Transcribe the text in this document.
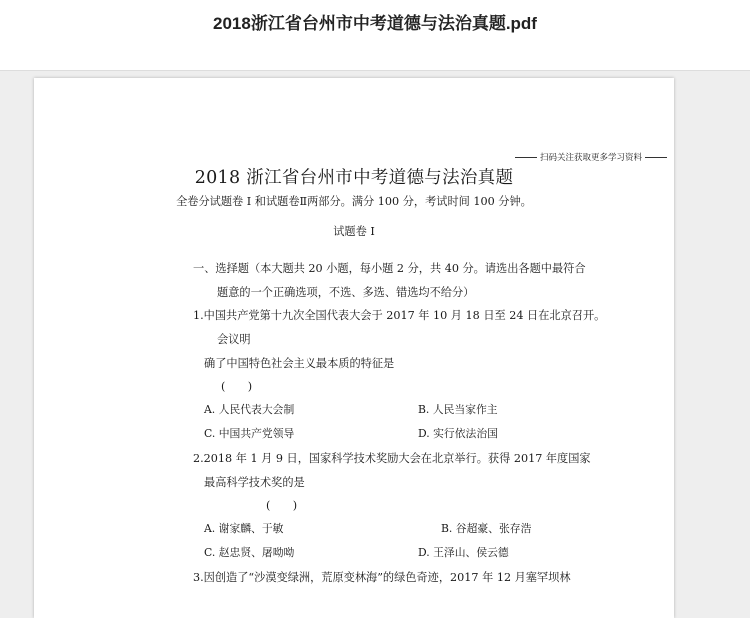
2018浙江省台州市中考道德与法治真题.pdf
扫码关注获取更多学习资料
2018 浙江省台州市中考道德与法治真题
全卷分试题卷 I 和试题卷Ⅱ两部分。满分 100 分，考试时间 100 分钟。
试题卷 I
一、选择题（本大题共 20 小题，每小题 2 分，共 40 分。请选出各题中最符合
题意的一个正确选项，不选、多选、错选均不给分）
1.中国共产党第十九次全国代表大会于 2017 年 10 月 18 日至 24 日在北京召开。
会议明
确了中国特色社会主义最本质的特征是
(　　)
A. 人民代表大会制	B. 人民当家作主
C. 中国共产党领导	D. 实行依法治国
2.2018 年 1 月 9 日，国家科学技术奖励大会在北京举行。获得 2017 年度国家
最高科学技术奖的是
(　　)
A. 谢家麟、于敏	B. 谷超豪、张存浩
C. 赵忠贤、屠呦呦	D. 王泽山、侯云德
3.因创造了“沙漠变绿洲，荒原变林海”的绿色奇迹，2017 年 12 月塞罕坝林
